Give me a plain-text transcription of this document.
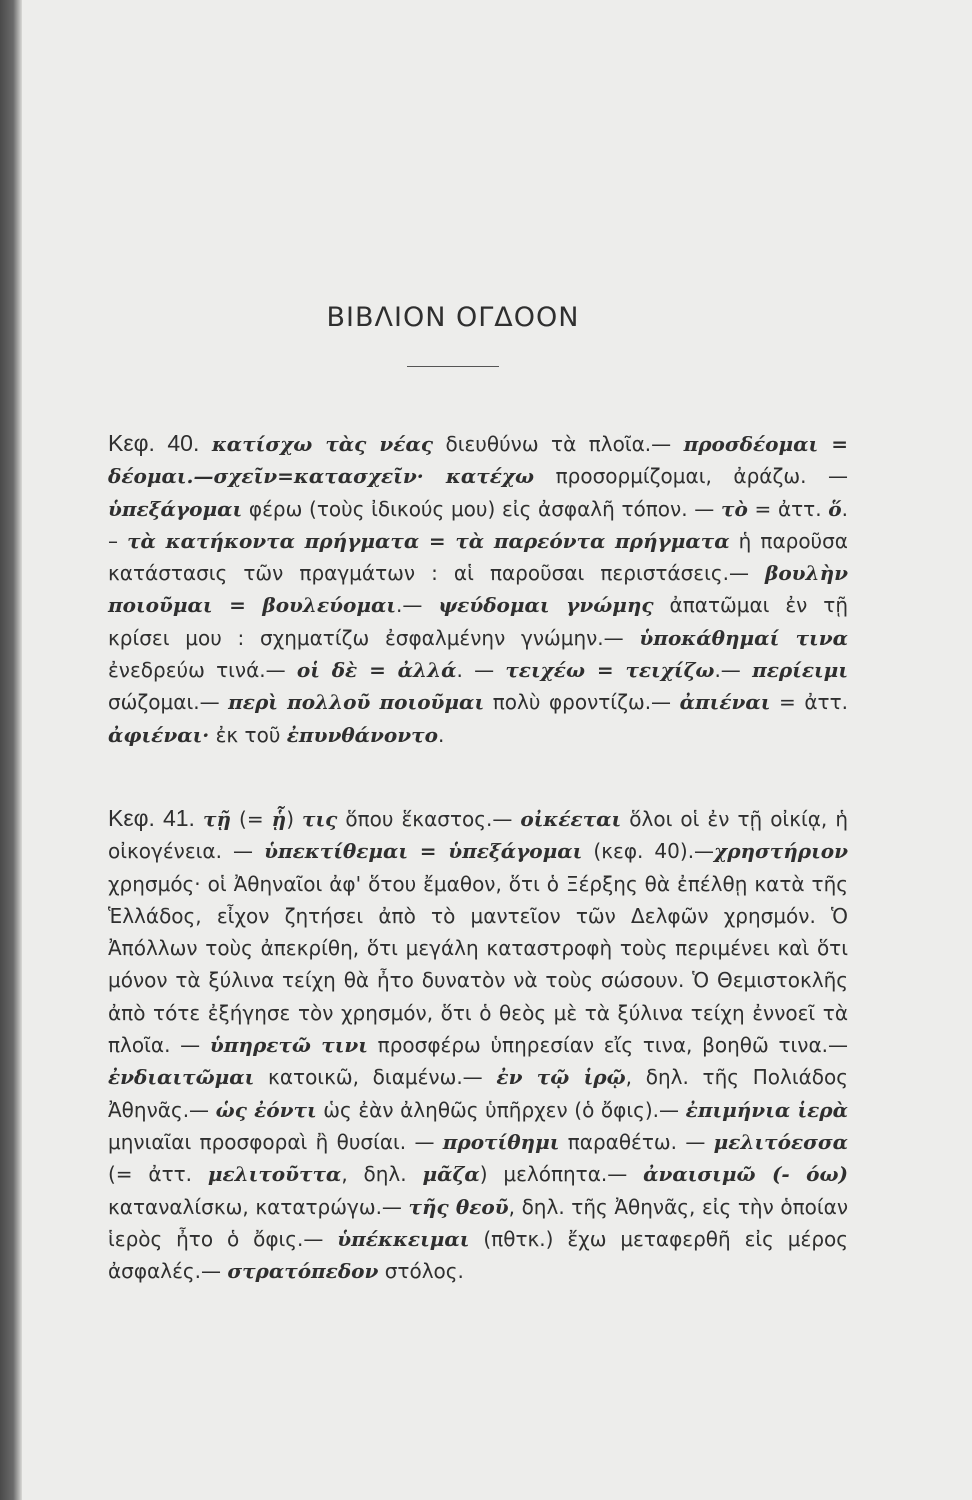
ΒΙΒΛΙΟΝ ΟΓΔΟΟΝ
Κεφ. 40. κατίσχω τὰς νέας διευθύνω τὰ πλοῖα.— προσδέομαι = δέομαι.—σχεῖν=κατασχεῖν· κατέχω προσορμίζομαι, ἀράζω. — ὑπεξάγομαι φέρω (τοὺς ἰδικούς μου) εἰς ἀσφαλῆ τόπον. — τὸ = ἀττ. ὅ. – τὰ κατήκοντα πρήγματα = τὰ παρεόντα πρήγματα ἡ παροῦσα κατάστασις τῶν πραγμάτων : αἱ παροῦσαι περιστάσεις.— βουλὴν ποιοῦμαι = βουλεύομαι.— ψεύδομαι γνώμης ἀπατῶμαι ἐν τῇ κρίσει μου : σχηματίζω ἐσφαλμένην γνώμην.— ὑποκάθημαί τινα ἐνεδρεύω τινά.— οἱ δὲ = ἀλλά. — τειχέω = τειχίζω.— περίειμι σώζομαι.— περὶ πολλοῦ ποιοῦμαι πολὺ φροντίζω.— ἀπιέναι = ἀττ. ἀφιέναι· ἐκ τοῦ ἐπυνθάνοντο.
Κεφ. 41. τῇ (= ᾗ) τις ὅπου ἕκαστος.— οἰκέεται ὅλοι οἱ ἐν τῇ οἰκίᾳ, ἡ οἰκογένεια. — ὑπεκτίθεμαι = ὑπεξάγομαι (κεφ. 40).—χρηστήριον χρησμός· οἱ Ἀθηναῖοι ἀφ' ὅτου ἔμαθον, ὅτι ὁ Ξέρξης θὰ ἐπέλθῃ κατὰ τῆς Ἑλλάδος, εἶχον ζητήσει ἀπὸ τὸ μαντεῖον τῶν Δελφῶν χρησμόν. Ὁ Ἀπόλλων τοὺς ἀπεκρίθη, ὅτι μεγάλη καταστροφὴ τοὺς περιμένει καὶ ὅτι μόνον τὰ ξύλινα τείχη θὰ ἦτο δυνατὸν νὰ τοὺς σώσουν. Ὁ Θεμιστοκλῆς ἀπὸ τότε ἐξήγησε τὸν χρησμόν, ὅτι ὁ θεὸς μὲ τὰ ξύλινα τείχη ἐννοεῖ τὰ πλοῖα. — ὑπηρετῶ τινι προσφέρω ὑπηρεσίαν εἴς τινα, βοηθῶ τινα.— ἐνδιαιτῶμαι κατοικῶ, διαμένω.— ἐν τῷ ἱρῷ, δηλ. τῆς Πολιάδος Ἀθηνᾶς.— ὡς ἐόντι ὡς ἐὰν ἀληθῶς ὑπῆρχεν (ὁ ὄφις).— ἐπιμήνια ἱερὰ μηνιαῖαι προσφοραὶ ἢ θυσίαι. — προτίθημι παραθέτω. — μελιτόεσσα (= ἀττ. μελιτοῦττα, δηλ. μᾶζα) μελόπητα.— ἀναισιμῶ (- όω) καταναλίσκω, κατατρώγω.— τῆς θεοῦ, δηλ. τῆς Ἀθηνᾶς, εἰς τὴν ὁποίαν ἱερὸς ἦτο ὁ ὄφις.— ὑπέκκειμαι (πθτκ.) ἔχω μεταφερθῆ εἰς μέρος ἀσφαλές.— στρατόπεδον στόλος.
